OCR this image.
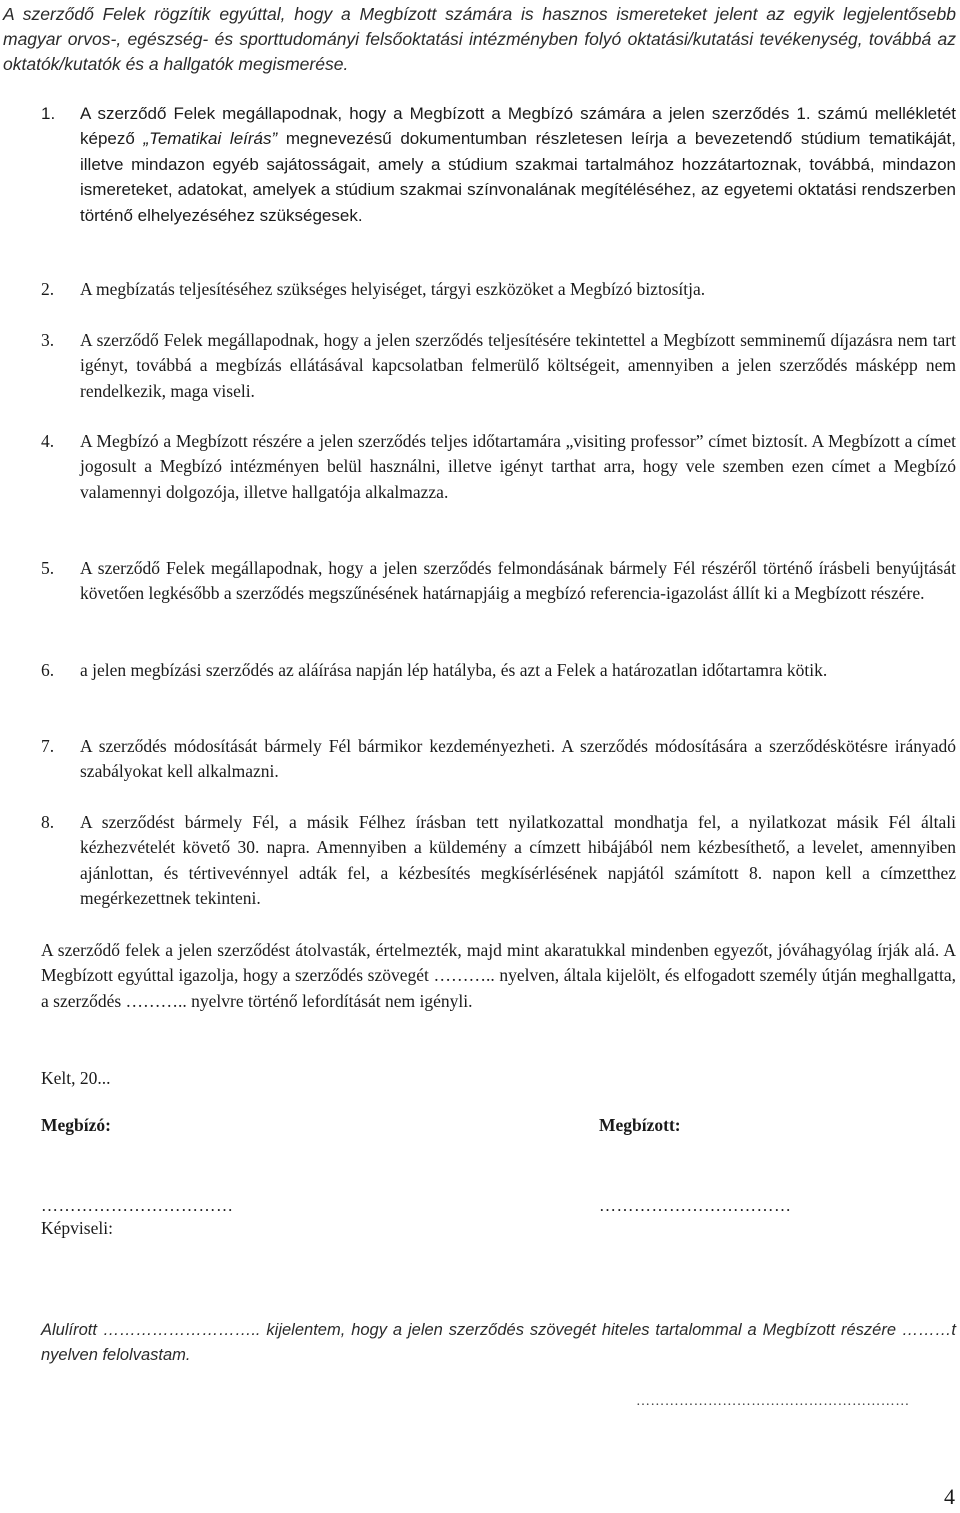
A szerződő Felek rögzítik egyúttal, hogy a Megbízott számára is hasznos ismereteket jelent az egyik legjelentősebb magyar orvos-, egészség- és sporttudományi felsőoktatási intézményben folyó oktatási/kutatási tevékenység, továbbá az oktatók/kutatók és a hallgatók megismerése.
1. A szerződő Felek megállapodnak, hogy a Megbízott a Megbízó számára a jelen szerződés 1. számú mellékletét képező „Tematikai leírás” megnevezésű dokumentumban részletesen leírja a bevezetendő stúdium tematikáját, illetve mindazon egyéb sajátosságait, amely a stúdium szakmai tartalmához hozzátartoznak, továbbá, mindazon ismereteket, adatokat, amelyek a stúdium szakmai színvonalának megítéléséhez, az egyetemi oktatási rendszerben történő elhelyezéséhez szükségesek.
2. A megbízatás teljesítéséhez szükséges helyiséget, tárgyi eszközöket a Megbízó biztosítja.
3. A szerződő Felek megállapodnak, hogy a jelen szerződés teljesítésére tekintettel a Megbízott semminemű díjazásra nem tart igényt, továbbá a megbízás ellátásával kapcsolatban felmerülő költségeit, amennyiben a jelen szerződés másképp nem rendelkezik, maga viseli.
4. A Megbízó a Megbízott részére a jelen szerződés teljes időtartamára „visiting professor” címet biztosít. A Megbízott a címet jogosult a Megbízó intézményen belül használni, illetve igényt tarthat arra, hogy vele szemben ezen címet a Megbízó valamennyi dolgozója, illetve hallgatója alkalmazza.
5. A szerződő Felek megállapodnak, hogy a jelen szerződés felmondásának bármely Fél részéről történő írásbeli benyújtását követően legkésőbb a szerződés megszűnésének határnapjáig a megbízó referencia-igazolást állít ki a Megbízott részére.
6. a jelen megbízási szerződés az aláírása napján lép hatályba, és azt a Felek a határozatlan időtartamra kötik.
7. A szerződés módosítását bármely Fél bármikor kezdeményezheti. A szerződés módosítására a szerződéskötésre irányadó szabályokat kell alkalmazni.
8. A szerződést bármely Fél, a másik Félhez írásban tett nyilatkozattal mondhatja fel, a nyilatkozat másik Fél általi kézhezvételét követő 30. napra. Amennyiben a küldemény a címzett hibájából nem kézbesíthető, a levelet, amennyiben ajánlottan, és tértivevénnyel adták fel, a kézbesítés megkísérlésének napjától számított 8. napon kell a címzetthez megérkezettnek tekinteni.
A szerződő felek a jelen szerződést átolvasták, értelmezték, majd mint akaratukkal mindenben egyezőt, jóváhagyólag írják alá. A Megbízott egyúttal igazolja, hogy a szerződés szövegét ……….. nyelven, általa kijelölt, és elfogadott személy útján meghallgatta, a szerződés ……….. nyelvre történő lefordítását nem igényli.
Kelt, 20...
Megbízó:	Megbízott:
……………………………	……………………………
Képviseli:
Alulírott ……………………….. kijelentem, hogy a jelen szerződés szövegét hiteles tartalommal a Megbízott részére ………t nyelven felolvastam.
…………………………………………………
4
